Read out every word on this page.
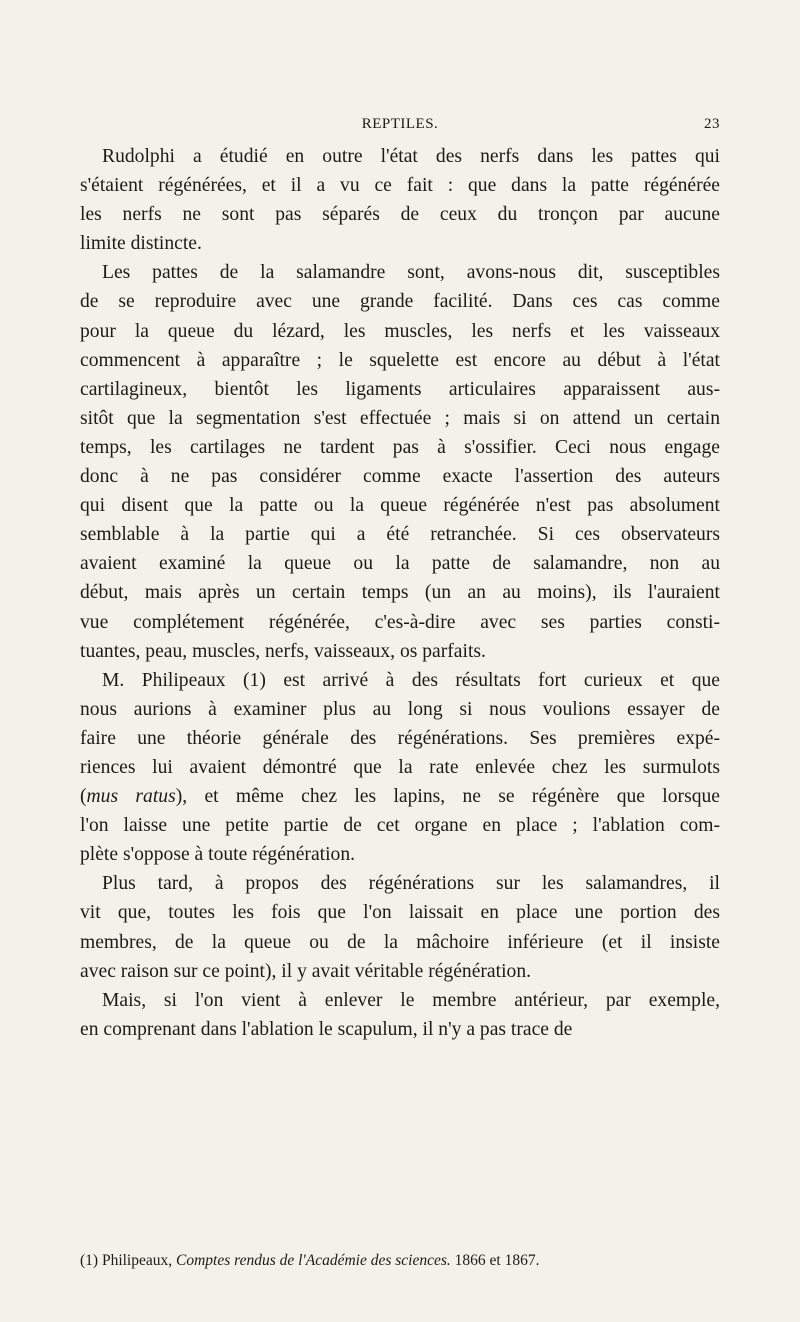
REPTILES.	23
Rudolphi a étudié en outre l'état des nerfs dans les pattes qui
s'étaient régénérées, et il a vu ce fait : que dans la patte régénérée
les nerfs ne sont pas séparés de ceux du tronçon par aucune
limite distincte.
Les pattes de la salamandre sont, avons-nous dit, susceptibles
de se reproduire avec une grande facilité. Dans ces cas comme
pour la queue du lézard, les muscles, les nerfs et les vaisseaux
commencent à apparaître ; le squelette est encore au début à l'état
cartilagineux, bientôt les ligaments articulaires apparaissent aus-
sitôt que la segmentation s'est effectuée ; mais si on attend un certain
temps, les cartilages ne tardent pas à s'ossifier. Ceci nous engage
donc à ne pas considérer comme exacte l'assertion des auteurs
qui disent que la patte ou la queue régénérée n'est pas absolument
semblable à la partie qui a été retranchée. Si ces observateurs
avaient examiné la queue ou la patte de salamandre, non au
début, mais après un certain temps (un an au moins), ils l'auraient
vue complétement régénérée, c'es-à-dire avec ses parties consti-
tuantes, peau, muscles, nerfs, vaisseaux, os parfaits.
M. Philipeaux (1) est arrivé à des résultats fort curieux et que
nous aurions à examiner plus au long si nous voulions essayer de
faire une théorie générale des régénérations. Ses premières expé-
riences lui avaient démontré que la rate enlevée chez les surmulots
(mus ratus), et même chez les lapins, ne se régénère que lorsque
l'on laisse une petite partie de cet organe en place ; l'ablation com-
plète s'oppose à toute régénération.
Plus tard, à propos des régénérations sur les salamandres, il
vit que, toutes les fois que l'on laissait en place une portion des
membres, de la queue ou de la mâchoire inférieure (et il insiste
avec raison sur ce point), il y avait véritable régénération.
Mais, si l'on vient à enlever le membre antérieur, par exemple,
en comprenant dans l'ablation le scapulum, il n'y a pas trace de
(1) Philipeaux, Comptes rendus de l'Académie des sciences. 1866 et 1867.
